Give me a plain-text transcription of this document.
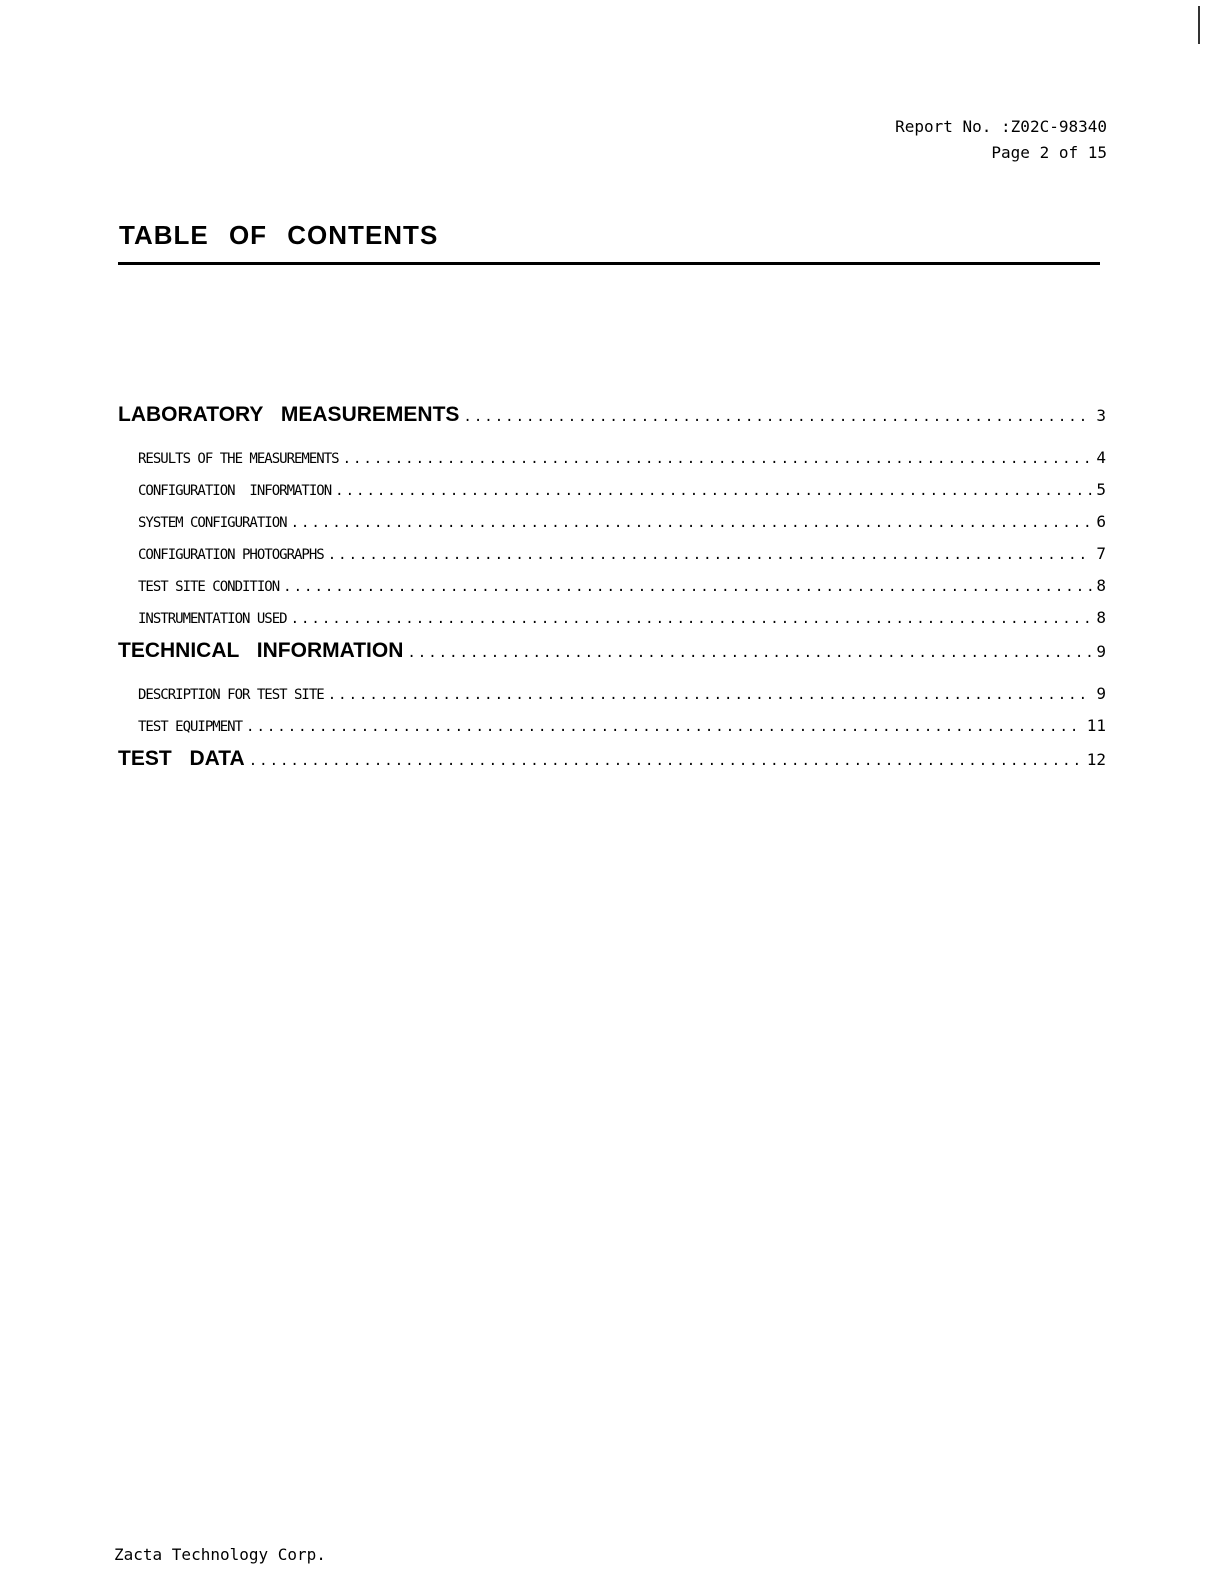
Report No. :Z02C-98340
Page 2 of 15
TABLE OF CONTENTS
LABORATORY MEASUREMENTS .....	3
RESULTS OF THE MEASUREMENTS .....	4
CONFIGURATION  INFORMATION .....	5
SYSTEM CONFIGURATION .....	6
CONFIGURATION PHOTOGRAPHS .....	7
TEST SITE CONDITION .....	8
INSTRUMENTATION USED .....	8
TECHNICAL INFORMATION .....	9
DESCRIPTION FOR TEST SITE .....	9
TEST EQUIPMENT .....	11
TEST DATA .....	12
Zacta Technology Corp.
